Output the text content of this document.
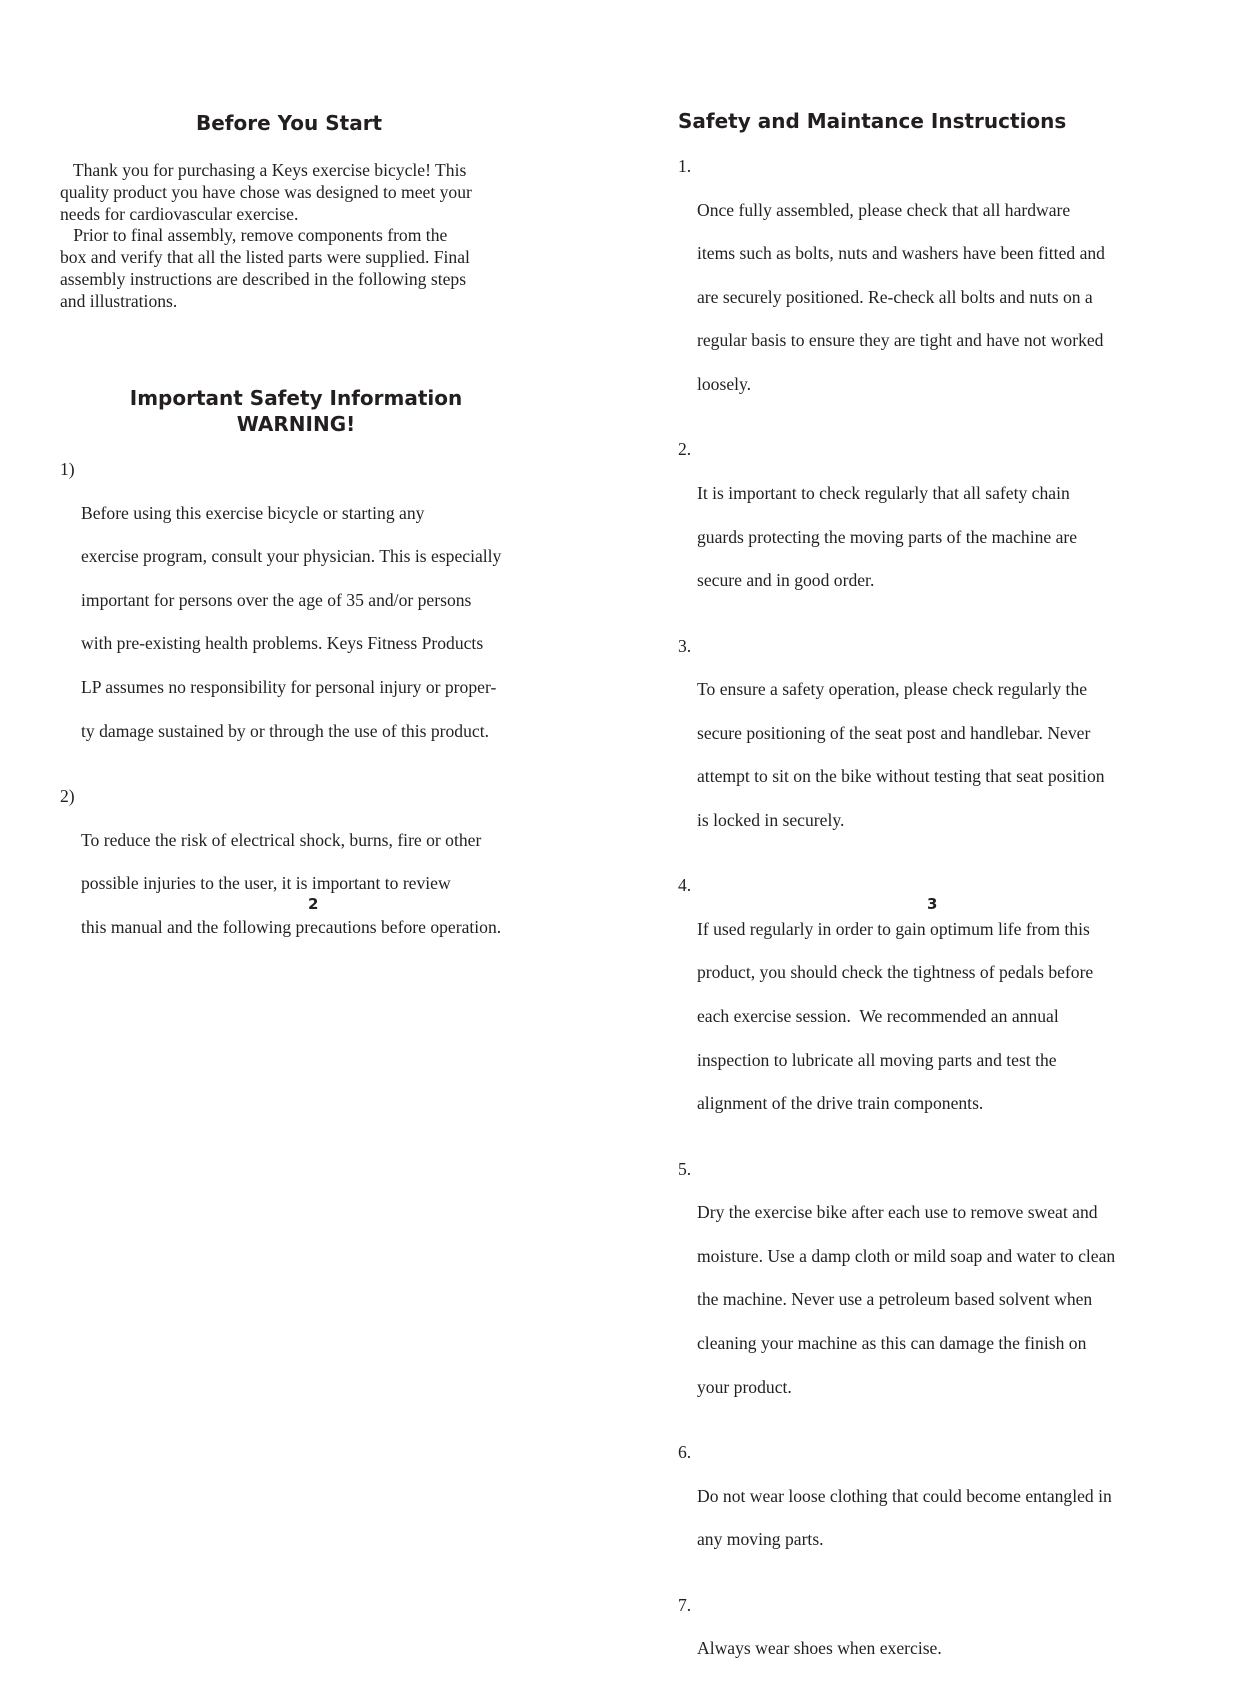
Before You Start
Thank you for purchasing a Keys exercise bicycle! This
quality product you have chose was designed to meet your
needs for cardiovascular exercise.
Prior to final assembly, remove components from the
box and verify that all the listed parts were supplied. Final
assembly instructions are described in the following steps
and illustrations.
Important Safety Information
WARNING!

1)

Before using this exercise bicycle or starting any

exercise program, consult your physician. This is especially

important for persons over the age of 35 and/or persons

with pre-existing health problems. Keys Fitness Products

LP assumes no responsibility for personal injury or proper-

ty damage sustained by or through the use of this product.

2)

To reduce the risk of electrical shock, burns, fire or other

possible injuries to the user, it is important to review

this manual and the following precautions before operation.

2
Safety and Maintance Instructions

1.

Once fully assembled, please check that all hardware

items such as bolts, nuts and washers have been fitted and

are securely positioned. Re-check all bolts and nuts on a

regular basis to ensure they are tight and have not worked

loosely.

2.

It is important to check regularly that all safety chain

guards protecting the moving parts of the machine are

secure and in good order.

3.

To ensure a safety operation, please check regularly the

secure positioning of the seat post and handlebar. Never

attempt to sit on the bike without testing that seat position

is locked in securely.

4.

If used regularly in order to gain optimum life from this

product, you should check the tightness of pedals before

each exercise session.  We recommended an annual

inspection to lubricate all moving parts and test the

alignment of the drive train components.

5.

Dry the exercise bike after each use to remove sweat and

moisture. Use a damp cloth or mild soap and water to clean

the machine. Never use a petroleum based solvent when

cleaning your machine as this can damage the finish on

your product.

6.

Do not wear loose clothing that could become entangled in

any moving parts.

7.

Always wear shoes when exercise.

3
